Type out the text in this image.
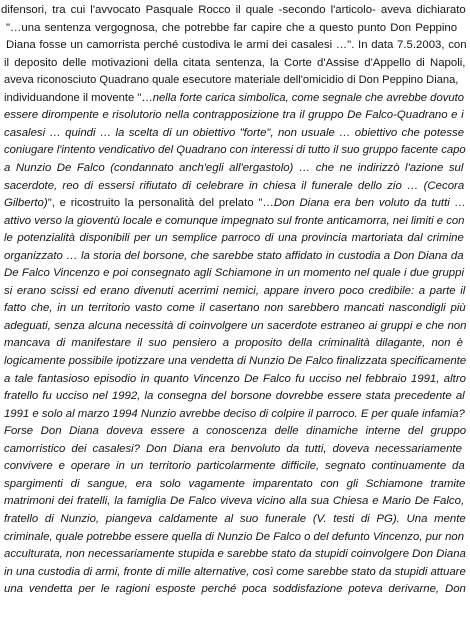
difensori, tra cui l'avvocato Pasquale Rocco il quale -secondo l'articolo- aveva dichiarato
"…una sentenza vergognosa, che potrebbe far capire che a questo punto Don Peppino
Diana fosse un camorrista perché custodiva le armi dei casalesi …". In data 7.5.2003, con
il deposito delle motivazioni della citata sentenza, la Corte d'Assise d'Appello di Napoli,
aveva riconosciuto Quadrano quale esecutore materiale dell'omicidio di Don Peppino Diana,
individuandone il movente "…nella forte carica simbolica, come segnale che avrebbe dovuto
essere dirompente e risolutorio nella contrapposizione tra il gruppo De Falco-Quadrano e i
casalesi … quindi … la scelta di un obiettivo "forte", non usuale … obiettivo che potesse
coniugare l'intento vendicativo del Quadrano con interessi di tutto il suo gruppo facente capo
a Nunzio De Falco (condannato anch'egli all'ergastolo) … che ne indirizzò l'azione sul
sacerdote, reo di essersi rifiutato di celebrare in chiesa il funerale dello zio … (Cecora
Gilberto)", e ricostruito la personalità del prelato "…Don Diana era ben voluto da tutti …
attivo verso la gioventù locale e comunque impegnato sul fronte anticamorra, nei limiti e con
le potenzialità disponibili per un semplice parroco di una provincia martoriata dal crimine
organizzato … la storia del borsone, che sarebbe stato affidato in custodia a Don Diana da
De Falco Vincenzo e poi consegnato agli Schiamone in un momento nel quale i due gruppi
si erano scissi ed erano divenuti acerrimi nemici, appare invero poco credibile: a parte il
fatto che, in un territorio vasto come il casertano non sarebbero mancati nascondigli più
adeguati, senza alcuna necessità di coinvolgere un sacerdote estraneo ai gruppi e che non
mancava di manifestare il suo pensiero a proposito della criminalità dilagante, non è
logicamente possibile ipotizzare una vendetta di Nunzio De Falco finalizzata specificamente
a tale fantasioso episodio in quanto Vincenzo De Falco fu ucciso nel febbraio 1991, altro
fratello fu ucciso nel 1992, la consegna del borsone dovrebbe essere stata precedente al
1991 e solo al marzo 1994 Nunzio avrebbe deciso di colpire il parroco. E per quale infamia?
Forse Don Diana doveva essere a conoscenza delle dinamiche interne del gruppo
camorristico dei casalesi? Don Diana era benvoluto da tutti, doveva necessariamente
convivere e operare in un territorio particolarmente difficile, segnato continuamente da
spargimenti di sangue, era solo vagamente imparentato con gli Schiamone tramite
matrimoni dei fratelli, la famiglia De Falco viveva vicino alla sua Chiesa e Mario De Falco,
fratello di Nunzio, piangeva caldamente al suo funerale (V. testi di PG). Una mente
criminale, quale potrebbe essere quella di Nunzio De Falco o del defunto Vincenzo, pur non
acculturata, non necessariamente stupida e sarebbe stato da stupidi coinvolgere Don Diana
in una custodia di armi, fronte di mille alternative, così come sarebbe stato da stupidi attuare
una vendetta per le ragioni esposte perché poca soddisfazione poteva derivarne, Don
